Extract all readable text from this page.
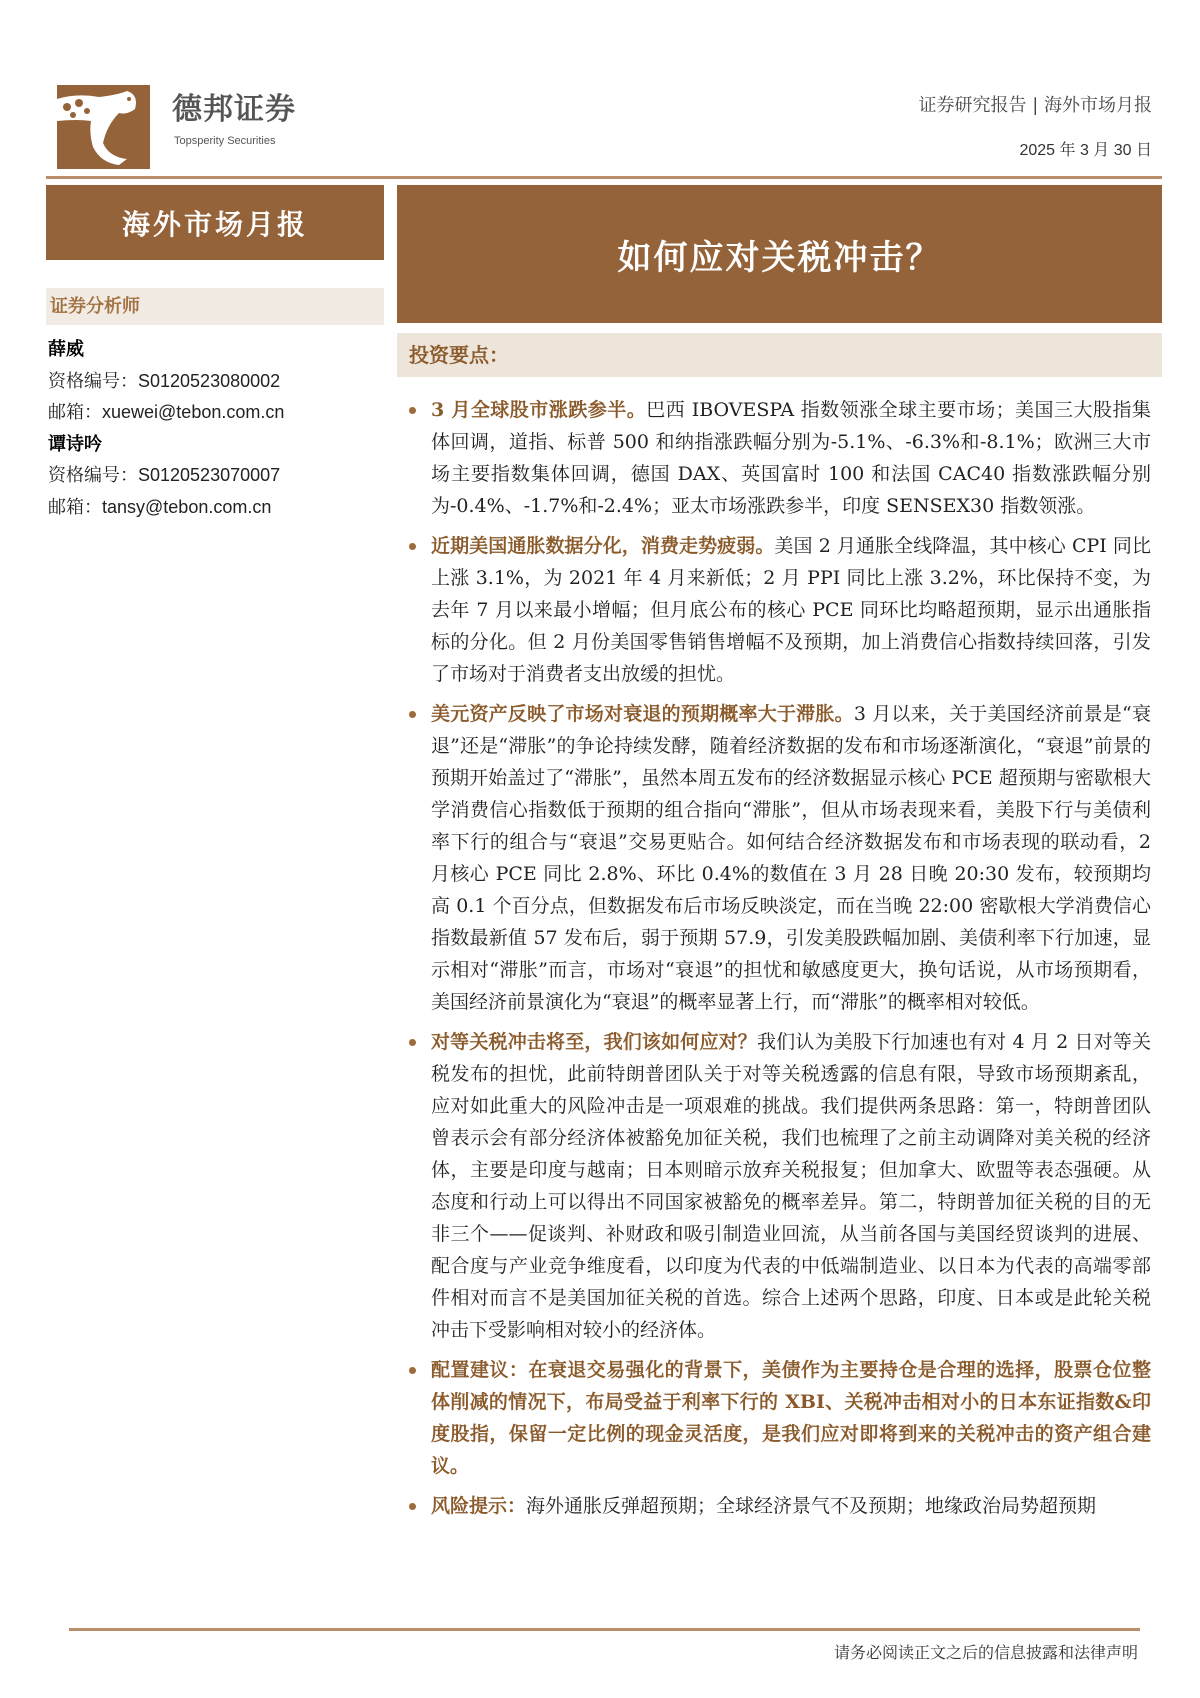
德邦证券
Topsperity Securities
证券研究报告 | 海外市场月报
2025 年 3 月 30 日
海外市场月报
如何应对关税冲击？
证券分析师
薛威
资格编号：S0120523080002
邮箱：xuewei@tebon.com.cn
谭诗吟
资格编号：S0120523070007
邮箱：tansy@tebon.com.cn
投资要点：
3 月全球股市涨跌参半。巴西 IBOVESPA 指数领涨全球主要市场；美国三大股指集体回调，道指、标普 500 和纳指涨跌幅分别为-5.1%、-6.3%和-8.1%；欧洲三大市场主要指数集体回调，德国 DAX、英国富时 100 和法国 CAC40 指数涨跌幅分别为-0.4%、-1.7%和-2.4%；亚太市场涨跌参半，印度 SENSEX30 指数领涨。
近期美国通胀数据分化，消费走势疲弱。美国 2 月通胀全线降温，其中核心 CPI 同比上涨 3.1%，为 2021 年 4 月来新低；2 月 PPI 同比上涨 3.2%，环比保持不变，为去年 7 月以来最小增幅；但月底公布的核心 PCE 同环比均略超预期，显示出通胀指标的分化。但 2 月份美国零售销售增幅不及预期，加上消费信心指数持续回落，引发了市场对于消费者支出放缓的担忧。
美元资产反映了市场对衰退的预期概率大于滞胀。3 月以来，关于美国经济前景是“衰退”还是“滞胀”的争论持续发酵，随着经济数据的发布和市场逐渐演化，“衰退”前景的预期开始盖过了“滞胀”，虽然本周五发布的经济数据显示核心 PCE 超预期与密歇根大学消费信心指数低于预期的组合指向“滞胀”，但从市场表现来看，美股下行与美债利率下行的组合与“衰退”交易更贴合。如何结合经济数据发布和市场表现的联动看，2 月核心 PCE 同比 2.8%、环比 0.4%的数值在 3 月 28 日晚 20:30 发布，较预期均高 0.1 个百分点，但数据发布后市场反映淡定，而在当晚 22:00 密歇根大学消费信心指数最新值 57 发布后，弱于预期 57.9，引发美股跌幅加剧、美债利率下行加速，显示相对“滞胀”而言，市场对“衰退”的担忧和敏感度更大，换句话说，从市场预期看，美国经济前景演化为“衰退”的概率显著上行，而“滞胀”的概率相对较低。
对等关税冲击将至，我们该如何应对？我们认为美股下行加速也有对 4 月 2 日对等关税发布的担忧，此前特朗普团队关于对等关税透露的信息有限，导致市场预期紊乱，应对如此重大的风险冲击是一项艰难的挑战。我们提供两条思路：第一，特朗普团队曾表示会有部分经济体被豁免加征关税，我们也梳理了之前主动调降对美关税的经济体，主要是印度与越南；日本则暗示放弃关税报复；但加拿大、欧盟等表态强硬。从态度和行动上可以得出不同国家被豁免的概率差异。第二，特朗普加征关税的目的无非三个——促谈判、补财政和吸引制造业回流，从当前各国与美国经贸谈判的进展、配合度与产业竞争维度看，以印度为代表的中低端制造业、以日本为代表的高端零部件相对而言不是美国加征关税的首选。综合上述两个思路，印度、日本或是此轮关税冲击下受影响相对较小的经济体。
配置建议：在衰退交易强化的背景下，美债作为主要持仓是合理的选择，股票仓位整体削减的情况下，布局受益于利率下行的 XBI、关税冲击相对小的日本东证指数&印度股指，保留一定比例的现金灵活度，是我们应对即将到来的关税冲击的资产组合建议。
风险提示：海外通胀反弹超预期；全球经济景气不及预期；地缘政治局势超预期
请务必阅读正文之后的信息披露和法律声明
